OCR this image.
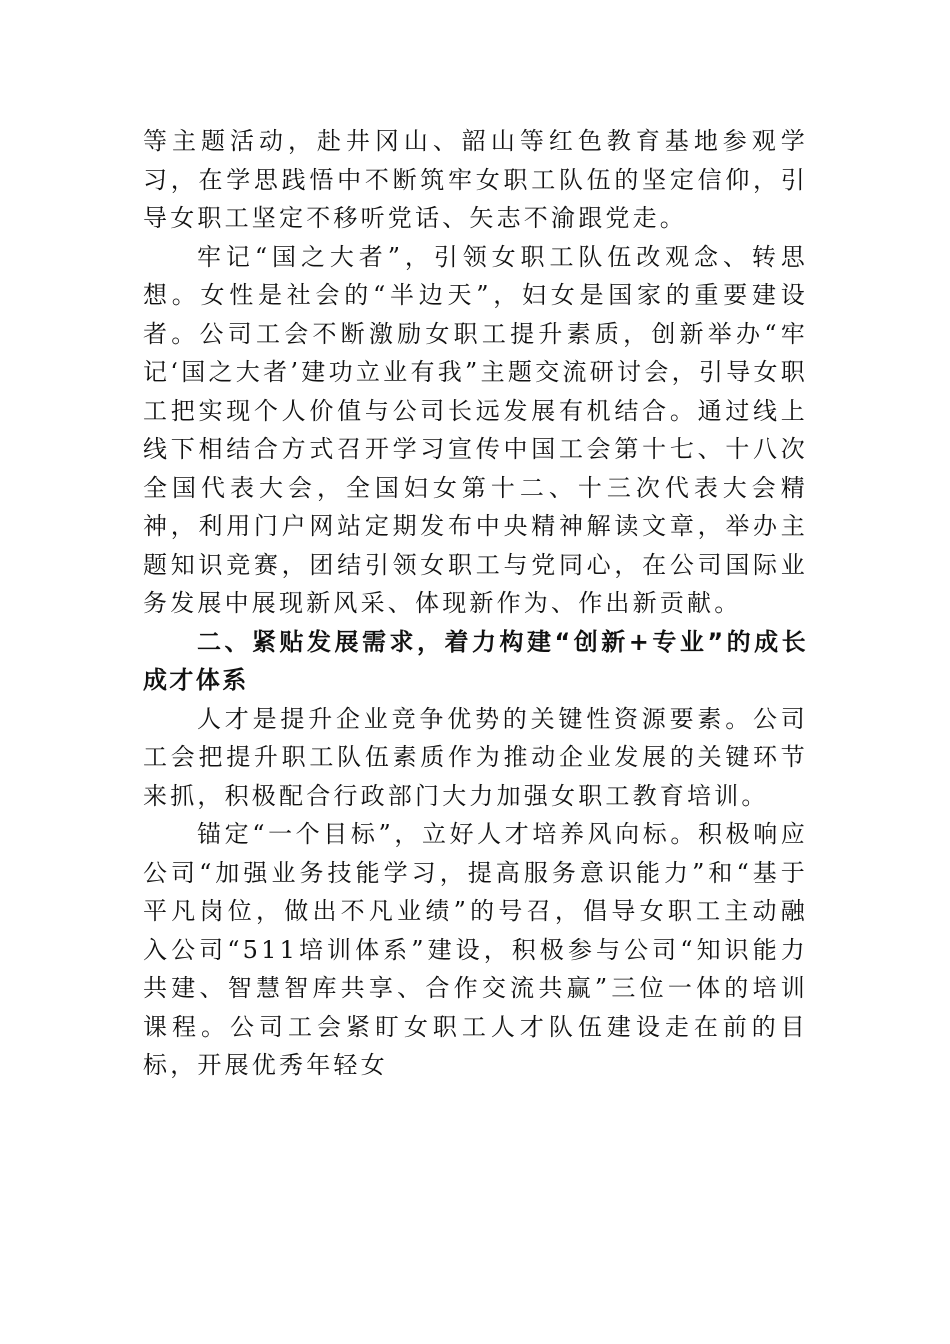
等主题活动，赴井冈山、韶山等红色教育基地参观学习，在学思践悟中不断筑牢女职工队伍的坚定信仰，引导女职工坚定不移听党话、矢志不渝跟党走。

牢记“国之大者”，引领女职工队伍改观念、转思想。女性是社会的“半边天”，妇女是国家的重要建设者。公司工会不断激励女职工提升素质，创新举办“牢记‘国之大者’建功立业有我”主题交流研讨会，引导女职工把实现个人价值与公司长远发展有机结合。通过线上线下相结合方式召开学习宣传中国工会第十七、十八次全国代表大会，全国妇女第十二、十三次代表大会精神，利用门户网站定期发布中央精神解读文章，举办主题知识竞赛，团结引领女职工与党同心，在公司国际业务发展中展现新风采、体现新作为、作出新贡献。

二、紧贴发展需求，着力构建“创新+专业”的成长成才体系

人才是提升企业竞争优势的关键性资源要素。公司工会把提升职工队伍素质作为推动企业发展的关键环节来抓，积极配合行政部门大力加强女职工教育培训。

锚定“一个目标”，立好人才培养风向标。积极响应公司“加强业务技能学习，提高服务意识能力”和“基于平凡岗位，做出不凡业绩”的号召，倡导女职工主动融入公司“511培训体系”建设，积极参与公司“知识能力共建、智慧智库共享、合作交流共赢”三位一体的培训课程。公司工会紧盯女职工人才队伍建设走在前的目标，开展优秀年轻女
